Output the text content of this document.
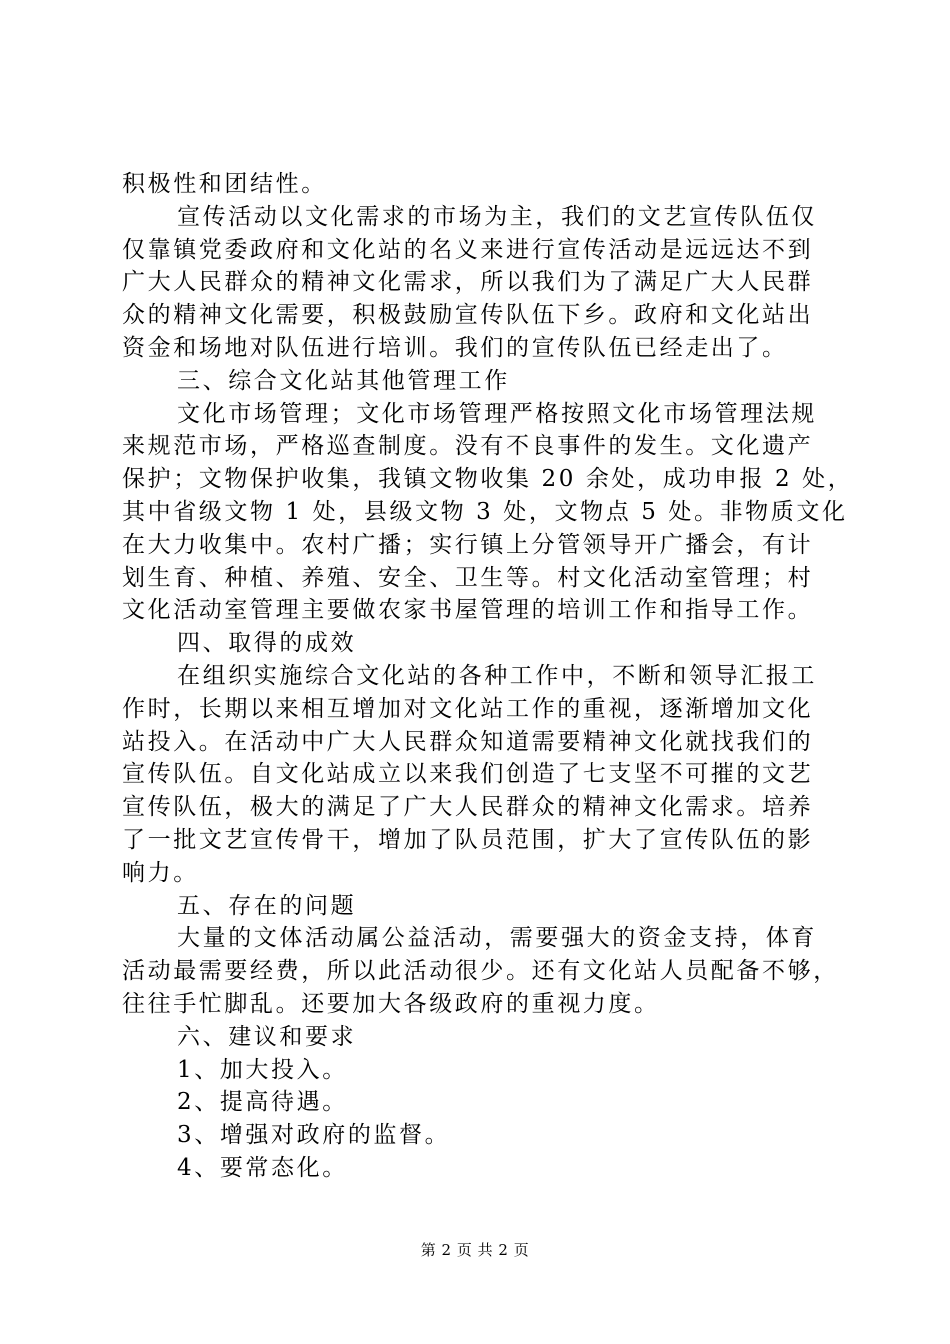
积极性和团结性。
宣传活动以文化需求的市场为主，我们的文艺宣传队伍仅
仅靠镇党委政府和文化站的名义来进行宣传活动是远远达不到
广大人民群众的精神文化需求，所以我们为了满足广大人民群
众的精神文化需要，积极鼓励宣传队伍下乡。政府和文化站出
资金和场地对队伍进行培训。我们的宣传队伍已经走出了。
三、综合文化站其他管理工作
文化市场管理；文化市场管理严格按照文化市场管理法规
来规范市场，严格巡查制度。没有不良事件的发生。文化遗产
保护；文物保护收集，我镇文物收集 20 余处，成功申报 2 处，
其中省级文物 1 处，县级文物 3 处，文物点 5 处。非物质文化
在大力收集中。农村广播；实行镇上分管领导开广播会，有计
划生育、种植、养殖、安全、卫生等。村文化活动室管理；村
文化活动室管理主要做农家书屋管理的培训工作和指导工作。
四、取得的成效
在组织实施综合文化站的各种工作中，不断和领导汇报工
作时，长期以来相互增加对文化站工作的重视，逐渐增加文化
站投入。在活动中广大人民群众知道需要精神文化就找我们的
宣传队伍。自文化站成立以来我们创造了七支坚不可摧的文艺
宣传队伍，极大的满足了广大人民群众的精神文化需求。培养
了一批文艺宣传骨干，增加了队员范围，扩大了宣传队伍的影
响力。
五、存在的问题
大量的文体活动属公益活动，需要强大的资金支持，体育
活动最需要经费，所以此活动很少。还有文化站人员配备不够，
往往手忙脚乱。还要加大各级政府的重视力度。
六、建议和要求
1、加大投入。
2、提高待遇。
3、增强对政府的监督。
4、要常态化。
第 2 页 共 2 页
